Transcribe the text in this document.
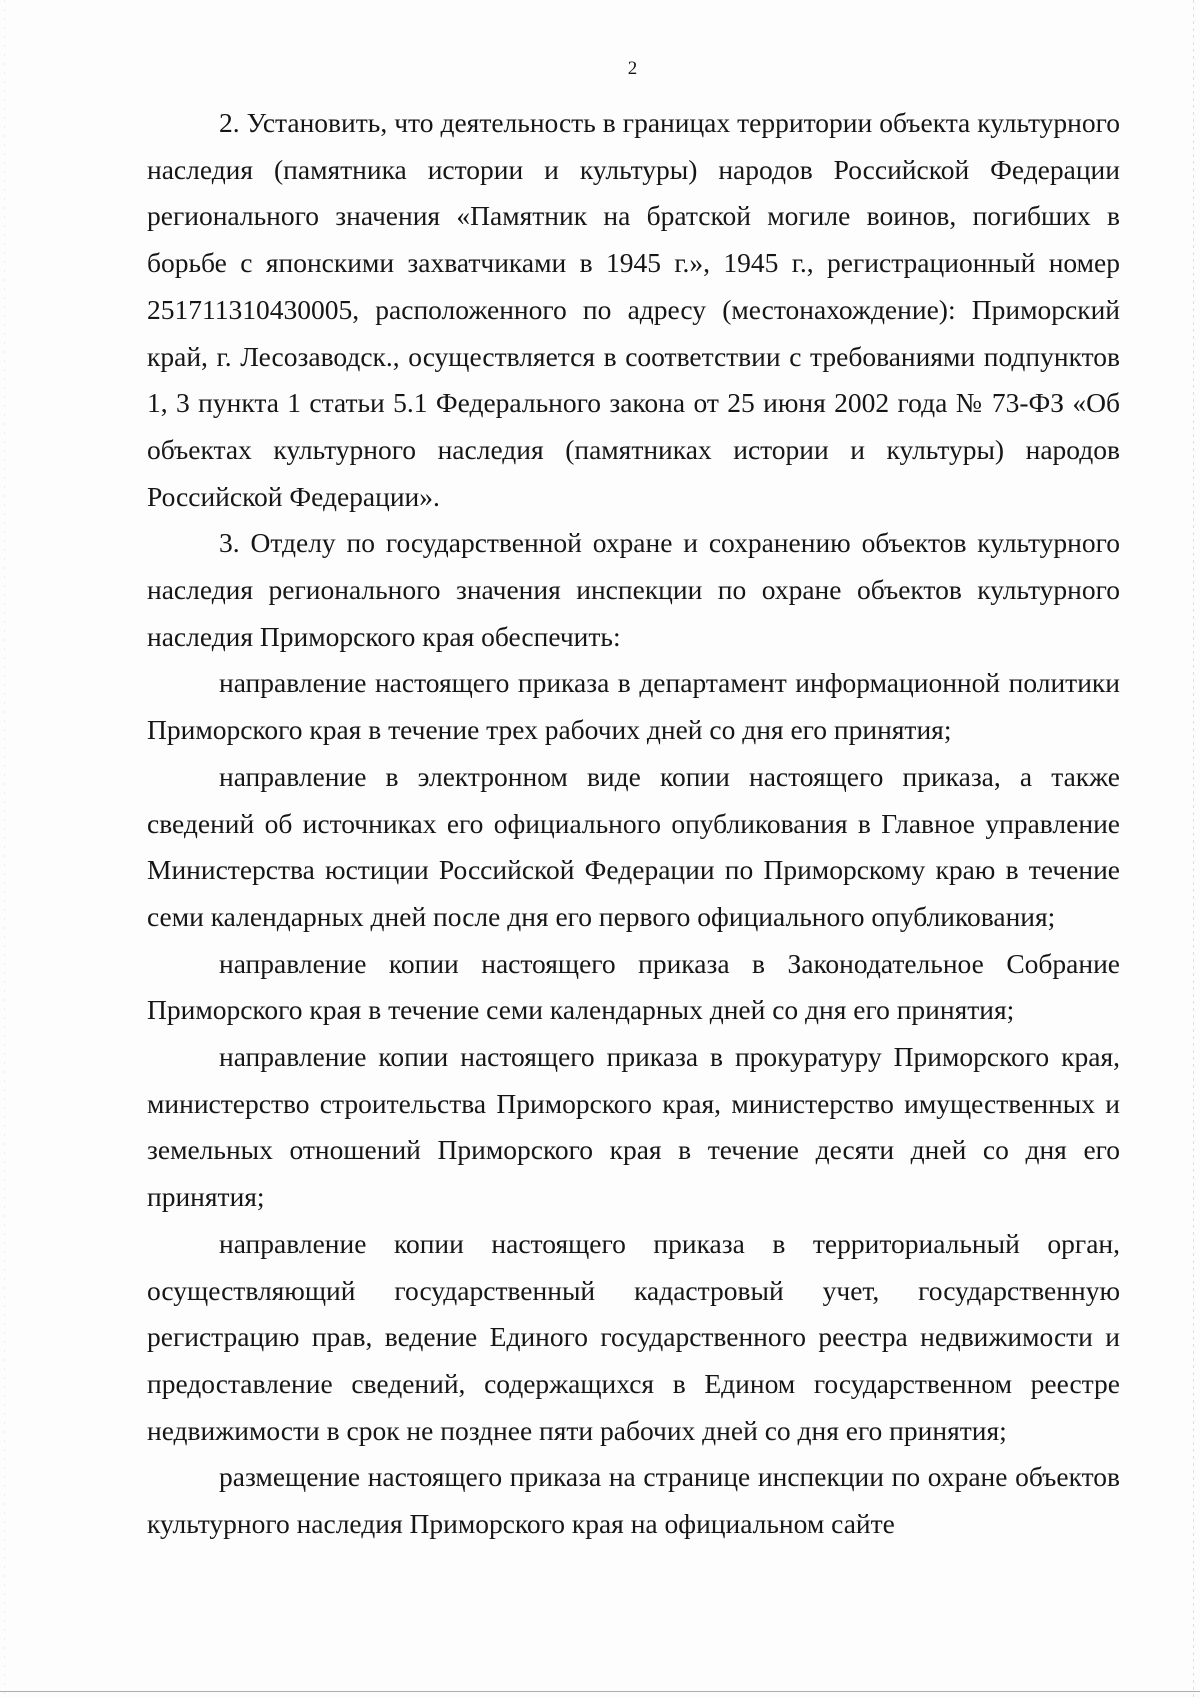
2

2. Установить, что деятельность в границах территории объекта культурного наследия (памятника истории и культуры) народов Российской Федерации регионального значения «Памятник на братской могиле воинов, погибших в борьбе с японскими захватчиками в 1945 г.», 1945 г., регистрационный номер 251711310430005, расположенного по адресу (местонахождение): Приморский край, г. Лесозаводск., осуществляется в соответствии с требованиями подпунктов 1, 3 пункта 1 статьи 5.1 Федерального закона от 25 июня 2002 года № 73-ФЗ «Об объектах культурного наследия (памятниках истории и культуры) народов Российской Федерации».

3. Отделу по государственной охране и сохранению объектов культурного наследия регионального значения инспекции по охране объектов культурного наследия Приморского края обеспечить:

направление настоящего приказа в департамент информационной политики Приморского края в течение трех рабочих дней со дня его принятия;

направление в электронном виде копии настоящего приказа, а также сведений об источниках его официального опубликования в Главное управление Министерства юстиции Российской Федерации по Приморскому краю в течение семи календарных дней после дня его первого официального опубликования;

направление копии настоящего приказа в Законодательное Собрание Приморского края в течение семи календарных дней со дня его принятия;

направление копии настоящего приказа в прокуратуру Приморского края, министерство строительства Приморского края, министерство имущественных и земельных отношений Приморского края в течение десяти дней со дня его принятия;

направление копии настоящего приказа в территориальный орган, осуществляющий государственный кадастровый учет, государственную регистрацию прав, ведение Единого государственного реестра недвижимости и предоставление сведений, содержащихся в Едином государственном реестре недвижимости в срок не позднее пяти рабочих дней со дня его принятия;

размещение настоящего приказа на странице инспекции по охране объектов культурного наследия Приморского края на официальном сайте
